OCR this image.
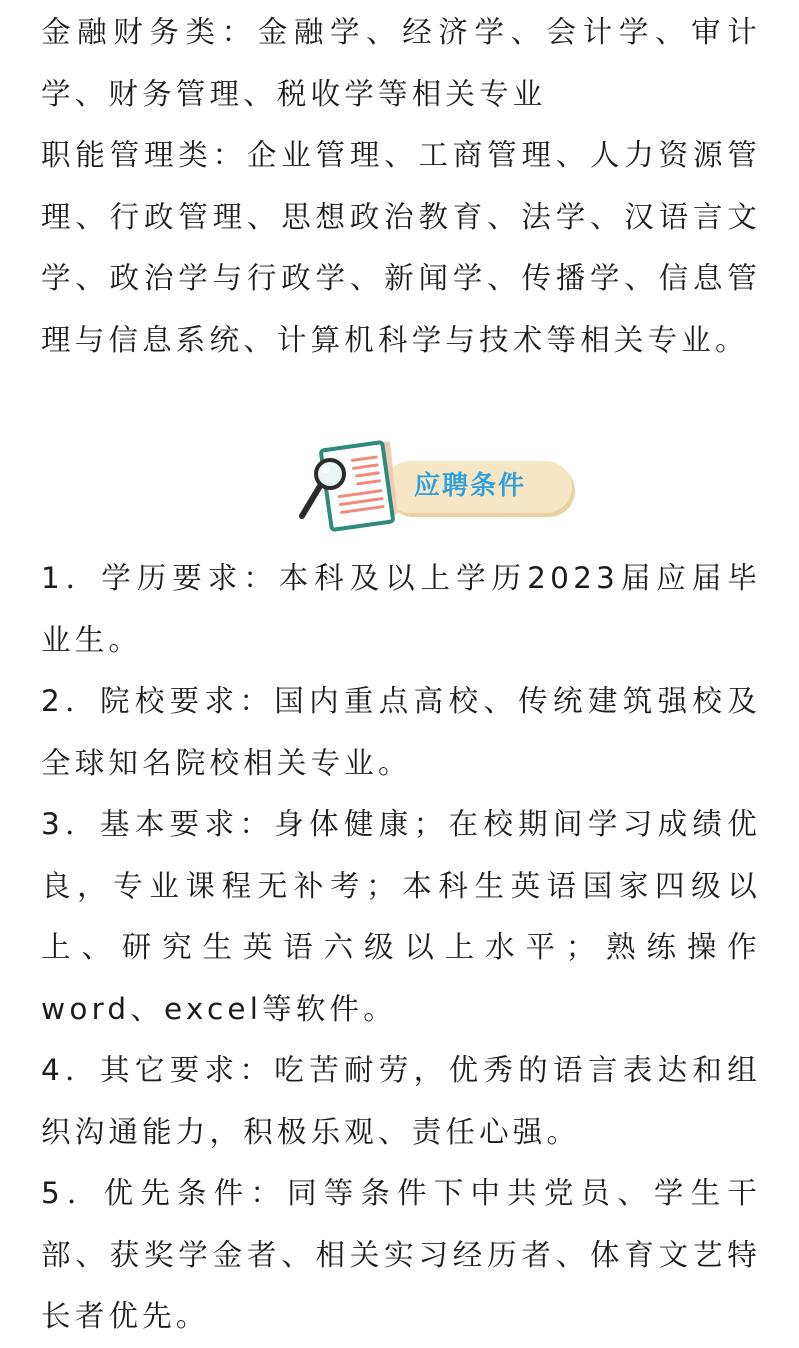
金融财务类：金融学、经济学、会计学、审计学、财务管理、税收学等相关专业

职能管理类：企业管理、工商管理、人力资源管理、行政管理、思想政治教育、法学、汉语言文学、政治学与行政学、新闻学、传播学、信息管理与信息系统、计算机科学与技术等相关专业。

应聘条件

1．学历要求：本科及以上学历2023届应届毕业生。

2．院校要求：国内重点高校、传统建筑强校及全球知名院校相关专业。

3．基本要求：身体健康；在校期间学习成绩优良，专业课程无补考；本科生英语国家四级以上、研究生英语六级以上水平；熟练操作word、excel等软件。

4．其它要求：吃苦耐劳，优秀的语言表达和组织沟通能力，积极乐观、责任心强。

5．优先条件：同等条件下中共党员、学生干部、获奖学金者、相关实习经历者、体育文艺特长者优先。
